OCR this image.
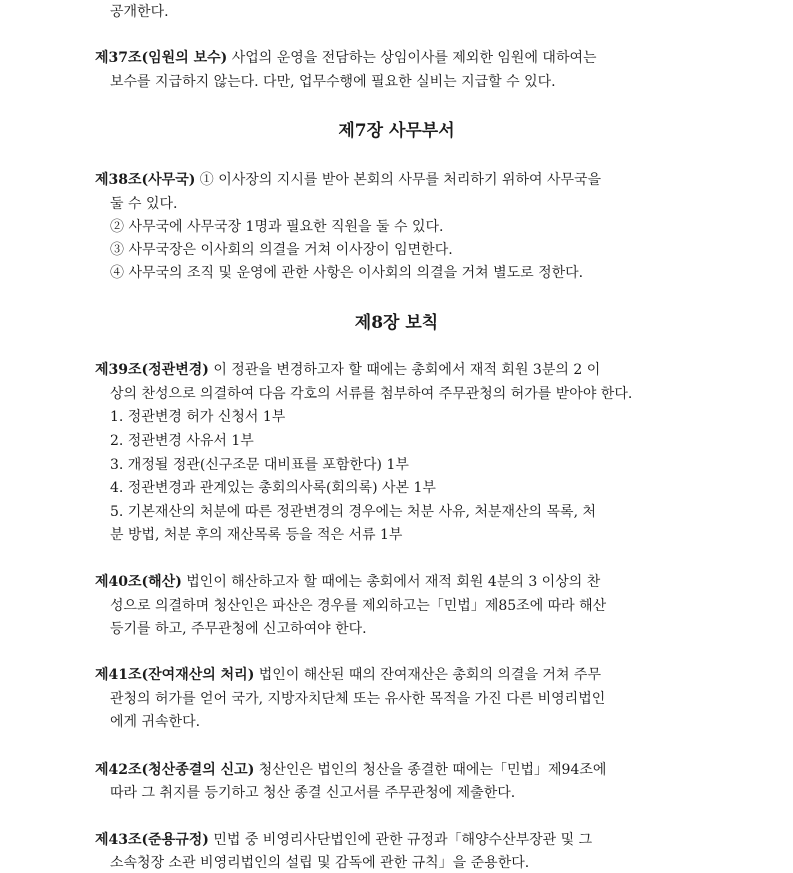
공개한다.
제37조(임원의 보수) 사업의 운영을 전담하는 상임이사를 제외한 임원에 대하여는
보수를 지급하지 않는다. 다만, 업무수행에 필요한 실비는 지급할 수 있다.
제7장 사무부서
제38조(사무국) ① 이사장의 지시를 받아 본회의 사무를 처리하기 위하여 사무국을
둘 수 있다.
② 사무국에 사무국장 1명과 필요한 직원을 둘 수 있다.
③ 사무국장은 이사회의 의결을 거쳐 이사장이 임면한다.
④ 사무국의 조직 및 운영에 관한 사항은 이사회의 의결을 거쳐 별도로 정한다.
제8장 보칙
제39조(정관변경) 이 정관을 변경하고자 할 때에는 총회에서 재적 회원 3분의 2 이
상의 찬성으로 의결하여 다음 각호의 서류를 첨부하여 주무관청의 허가를 받아야 한다.
1. 정관변경 허가 신청서 1부
2. 정관변경 사유서 1부
3. 개정될 정관(신구조문 대비표를 포함한다) 1부
4. 정관변경과 관계있는 총회의사록(회의록) 사본 1부
5. 기본재산의 처분에 따른 정관변경의 경우에는 처분 사유, 처분재산의 목록, 처
분 방법, 처분 후의 재산목록 등을 적은 서류 1부
제40조(해산) 법인이 해산하고자 할 때에는 총회에서 재적 회원 4분의 3 이상의 찬
성으로 의결하며 청산인은 파산은 경우를 제외하고는「민법」제85조에 따라 해산
등기를 하고, 주무관청에 신고하여야 한다.
제41조(잔여재산의 처리) 법인이 해산된 때의 잔여재산은 총회의 의결을 거쳐 주무
관청의 허가를 얻어 국가, 지방자치단체 또는 유사한 목적을 가진 다른 비영리법인
에게 귀속한다.
제42조(청산종결의 신고) 청산인은 법인의 청산을 종결한 때에는「민법」제94조에
따라 그 취지를 등기하고 청산 종결 신고서를 주무관청에 제출한다.
제43조(준용규정) 민법 중 비영리사단법인에 관한 규정과「해양수산부장관 및 그
소속청장 소관 비영리법인의 설립 및 감독에 관한 규칙」을 준용한다.
